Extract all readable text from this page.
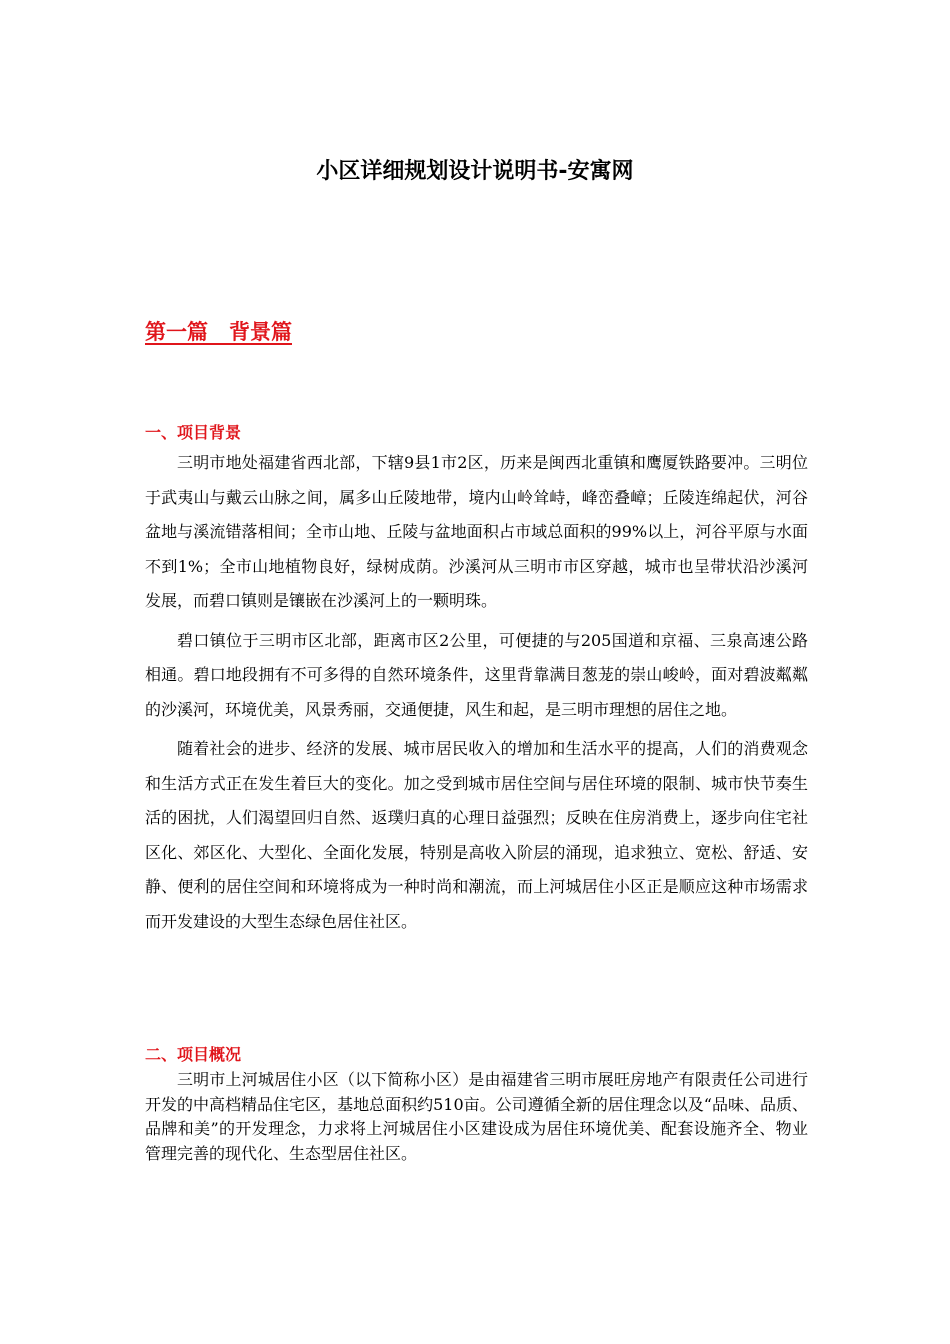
小区详细规划设计说明书-安寓网
第一篇　背景篇
一、项目背景

三明市地处福建省西北部，下辖9县1市2区，历来是闽西北重镇和鹰厦铁路要冲。三明位于武夷山与戴云山脉之间，属多山丘陵地带，境内山岭耸峙，峰峦叠嶂；丘陵连绵起伏，河谷盆地与溪流错落相间；全市山地、丘陵与盆地面积占市域总面积的99%以上，河谷平原与水面不到1%；全市山地植物良好，绿树成荫。沙溪河从三明市市区穿越，城市也呈带状沿沙溪河发展，而碧口镇则是镶嵌在沙溪河上的一颗明珠。

碧口镇位于三明市区北部，距离市区2公里，可便捷的与205国道和京福、三泉高速公路相通。碧口地段拥有不可多得的自然环境条件，这里背靠满目葱茏的崇山峻岭，面对碧波粼粼的沙溪河，环境优美，风景秀丽，交通便捷，风生和起，是三明市理想的居住之地。

随着社会的进步、经济的发展、城市居民收入的增加和生活水平的提高，人们的消费观念和生活方式正在发生着巨大的变化。加之受到城市居住空间与居住环境的限制、城市快节奏生活的困扰，人们渴望回归自然、返璞归真的心理日益强烈；反映在住房消费上，逐步向住宅社区化、郊区化、大型化、全面化发展，特别是高收入阶层的涌现，追求独立、宽松、舒适、安静、便利的居住空间和环境将成为一种时尚和潮流，而上河城居住小区正是顺应这种市场需求而开发建设的大型生态绿色居住社区。

二、项目概况

三明市上河城居住小区（以下简称小区）是由福建省三明市展旺房地产有限责任公司进行开发的中高档精品住宅区，基地总面积约510亩。公司遵循全新的居住理念以及“品味、品质、品牌和美”的开发理念，力求将上河城居住小区建设成为居住环境优美、配套设施齐全、物业管理完善的现代化、生态型居住社区。
